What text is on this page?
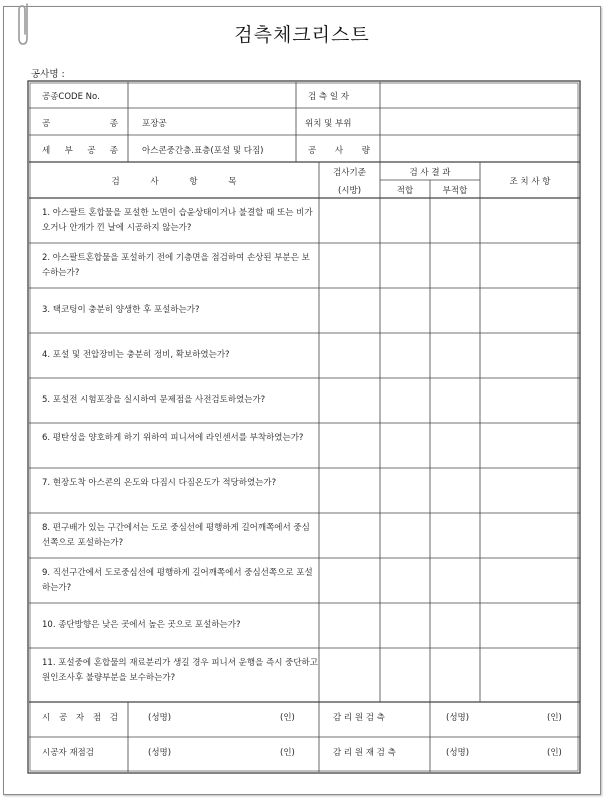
검측체크리스트
공사명 :
공종CODE No.	검 측 일 자
공 종	포장공	위치 및 부위
세 부 공 종	아스콘중간층.표층(포설 및 다짐)	공 사 량
검 사 항 목
검사기준
(시방)
검 사 결 과
적합	부적합
조 치 사 항
1. 아스팔트 혼합물을 포설한 노면이 습윤상태이거나 불결할 때 또는 비가 오거나 안개가 낀 날에 시공하지 않는가?
2. 아스팔트혼합물을 포설하기 전에 기층면을 점검하여 손상된 부분은 보수하는가?
3. 택코팅이 충분히 양생한 후 포설하는가?
4. 포설 및 전압장비는 충분히 정비, 확보하였는가?
5. 포설전 시험포장을 실시하여 문제점을 사전검토하였는가?
6. 평탄성을 양호하게 하기 위하여 피니셔에 라인센서를 부착하였는가?
7. 현장도착 아스콘의 온도와 다짐시 다짐온도가 적당하였는가?
8. 편구배가 있는 구간에서는 도로 중심선에 평행하게 길어깨쪽에서 중심선쪽으로 포설하는가?
9. 직선구간에서 도로중심선에 평행하게 길어깨쪽에서 중심선쪽으로 포설하는가?
10. 종단방향은 낮은 곳에서 높은 곳으로 포설하는가?
11. 포설중에 혼합물의 재료분리가 생길 경우 피니셔 운행을 즉시 중단하고 원인조사후 불량부분을 보수하는가?
시 공 자 점 검	(성명)	(인)	감 리 원 검 측	(성명)	(인)
시공자 재점검	(성명)	(인)	감 리 원 재 검 측	(성명)	(인)
